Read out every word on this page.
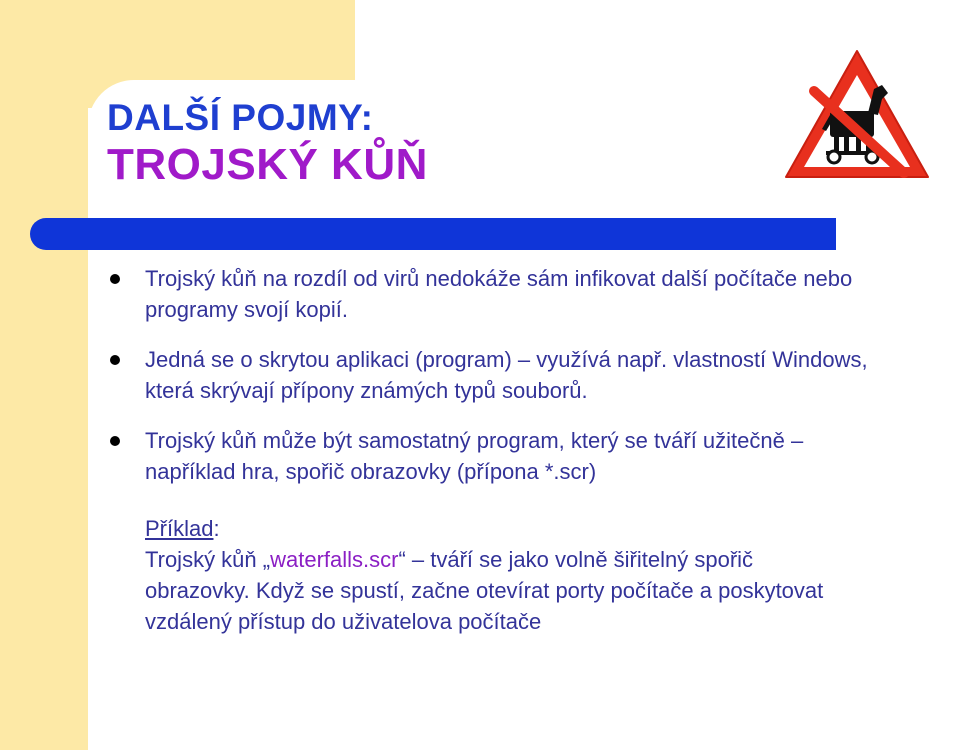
DALŠÍ POJMY:
TROJSKÝ KŮŇ
Trojský kůň na rozdíl od virů nedokáže sám infikovat další počítače nebo
programy svojí kopií.
Jedná se o skrytou aplikaci (program) – využívá např. vlastností Windows,
která skrývají přípony známých typů souborů.
Trojský kůň může být samostatný program, který se tváří užitečně –
například hra, spořič obrazovky (přípona *.scr)
Příklad:
Trojský kůň „waterfalls.scr“ – tváří se jako volně šiřitelný spořič
obrazovky. Když se spustí, začne otevírat porty počítače a poskytovat
vzdálený přístup do uživatelova počítače
